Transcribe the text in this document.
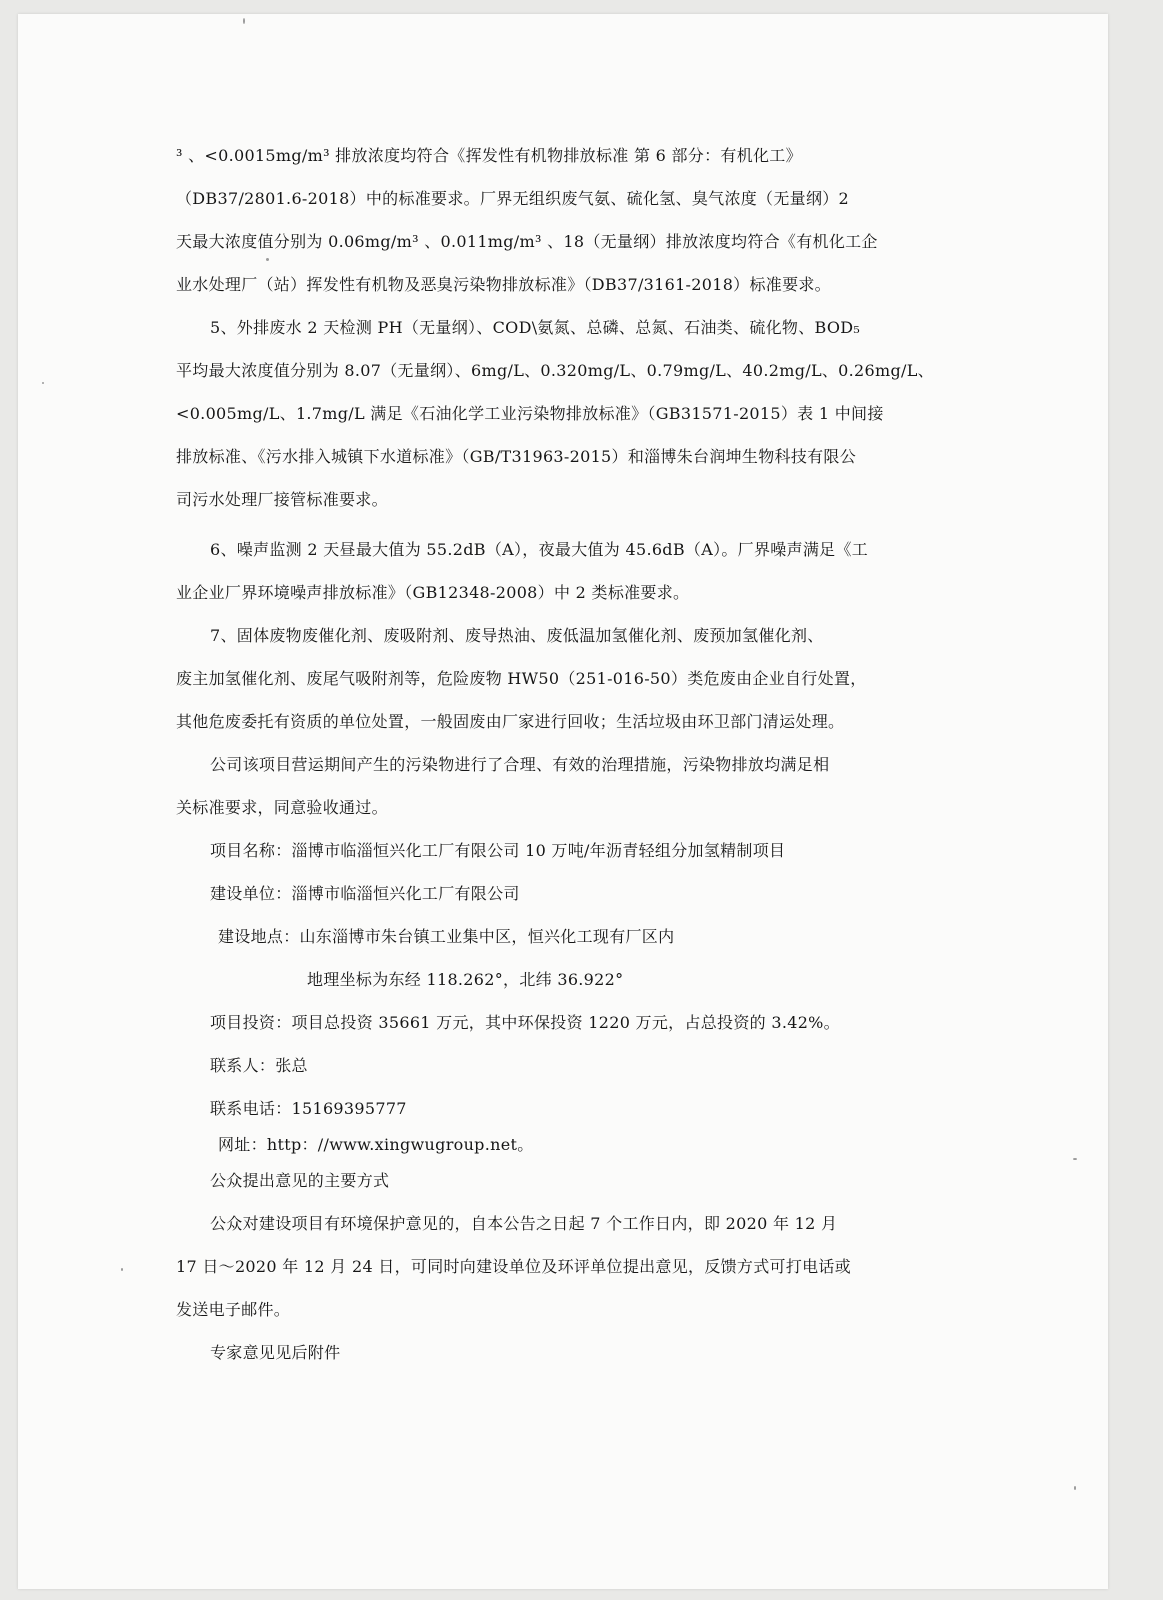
³ 、<0.0015mg/m³ 排放浓度均符合《挥发性有机物排放标准 第 6 部分：有机化工》
（DB37/2801.6-2018）中的标准要求。厂界无组织废气氨、硫化氢、臭气浓度（无量纲）2
天最大浓度值分别为 0.06mg/m³ 、0.011mg/m³ 、18（无量纲）排放浓度均符合《有机化工企
业水处理厂（站）挥发性有机物及恶臭污染物排放标准》（DB37/3161-2018）标准要求。
5、外排废水 2 天检测 PH（无量纲）、COD\氨氮、总磷、总氮、石油类、硫化物、BOD₅
平均最大浓度值分别为 8.07（无量纲）、6mg/L、0.320mg/L、0.79mg/L、40.2mg/L、0.26mg/L、
<0.005mg/L、1.7mg/L 满足《石油化学工业污染物排放标准》（GB31571-2015）表 1 中间接
排放标准、《污水排入城镇下水道标准》（GB/T31963-2015）和淄博朱台润坤生物科技有限公
司污水处理厂接管标准要求。
6、噪声监测 2 天昼最大值为 55.2dB（A），夜最大值为 45.6dB（A）。厂界噪声满足《工
业企业厂界环境噪声排放标准》（GB12348-2008）中 2 类标准要求。
7、固体废物废催化剂、废吸附剂、废导热油、废低温加氢催化剂、废预加氢催化剂、
废主加氢催化剂、废尾气吸附剂等，危险废物 HW50（251-016-50）类危废由企业自行处置，
其他危废委托有资质的单位处置，一般固废由厂家进行回收；生活垃圾由环卫部门清运处理。
公司该项目营运期间产生的污染物进行了合理、有效的治理措施，污染物排放均满足相
关标准要求，同意验收通过。
项目名称：淄博市临淄恒兴化工厂有限公司 10 万吨/年沥青轻组分加氢精制项目
建设单位：淄博市临淄恒兴化工厂有限公司
建设地点：山东淄博市朱台镇工业集中区，恒兴化工现有厂区内
地理坐标为东经 118.262°，北纬 36.922°
项目投资：项目总投资 35661 万元，其中环保投资 1220 万元，占总投资的 3.42%。
联系人：张总
联系电话：15169395777
网址：http：//www.xingwugroup.net。
公众提出意见的主要方式
公众对建设项目有环境保护意见的，自本公告之日起 7 个工作日内，即 2020 年 12 月
17 日～2020 年 12 月 24 日，可同时向建设单位及环评单位提出意见，反馈方式可打电话或
发送电子邮件。
专家意见见后附件
